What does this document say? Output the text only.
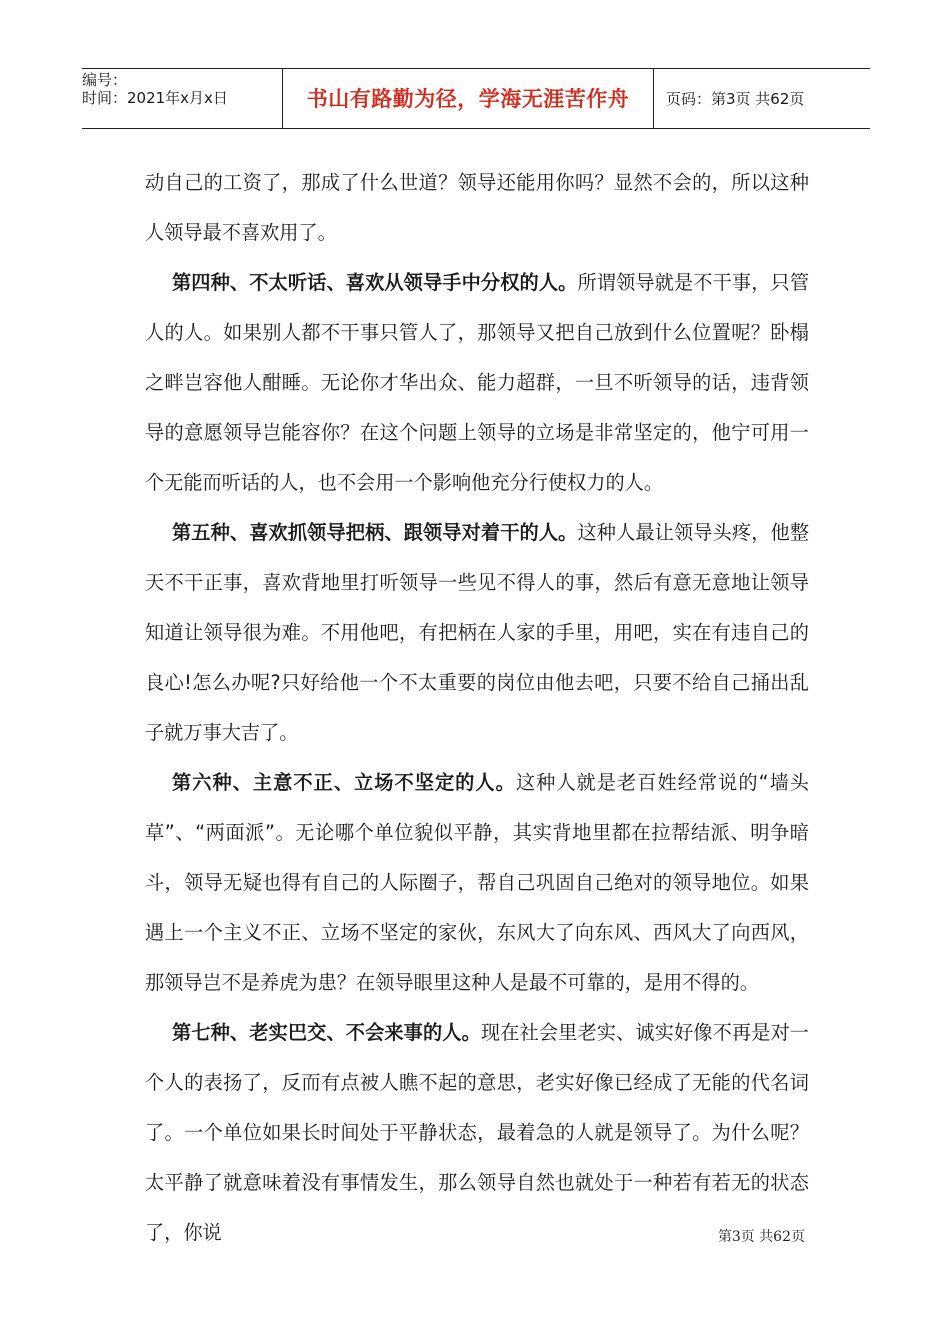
编号：
时间：2021年x月x日	书山有路勤为径，学海无涯苦作舟	页码：第3页 共62页

动自己的工资了，那成了什么世道？领导还能用你吗？显然不会的，所以这种人领导最不喜欢用了。

第四种、不太听话、喜欢从领导手中分权的人。所谓领导就是不干事，只管人的人。如果别人都不干事只管人了，那领导又把自己放到什么位置呢？卧榻之畔岂容他人酣睡。无论你才华出众、能力超群，一旦不听领导的话，违背领导的意愿领导岂能容你？在这个问题上领导的立场是非常坚定的，他宁可用一个无能而听话的人，也不会用一个影响他充分行使权力的人。

第五种、喜欢抓领导把柄、跟领导对着干的人。这种人最让领导头疼，他整天不干正事，喜欢背地里打听领导一些见不得人的事，然后有意无意地让领导知道让领导很为难。不用他吧，有把柄在人家的手里，用吧，实在有违自己的良心!怎么办呢?只好给他一个不太重要的岗位由他去吧，只要不给自己捅出乱子就万事大吉了。

第六种、主意不正、立场不坚定的人。这种人就是老百姓经常说的“墙头草”、“两面派”。无论哪个单位貌似平静，其实背地里都在拉帮结派、明争暗斗，领导无疑也得有自己的人际圈子，帮自己巩固自己绝对的领导地位。如果遇上一个主义不正、立场不坚定的家伙，东风大了向东风、西风大了向西风，那领导岂不是养虎为患？在领导眼里这种人是最不可靠的，是用不得的。

第七种、老实巴交、不会来事的人。现在社会里老实、诚实好像不再是对一个人的表扬了，反而有点被人瞧不起的意思，老实好像已经成了无能的代名词了。一个单位如果长时间处于平静状态，最着急的人就是领导了。为什么呢？太平静了就意味着没有事情发生，那么领导自然也就处于一种若有若无的状态了，你说	第3页 共62页
